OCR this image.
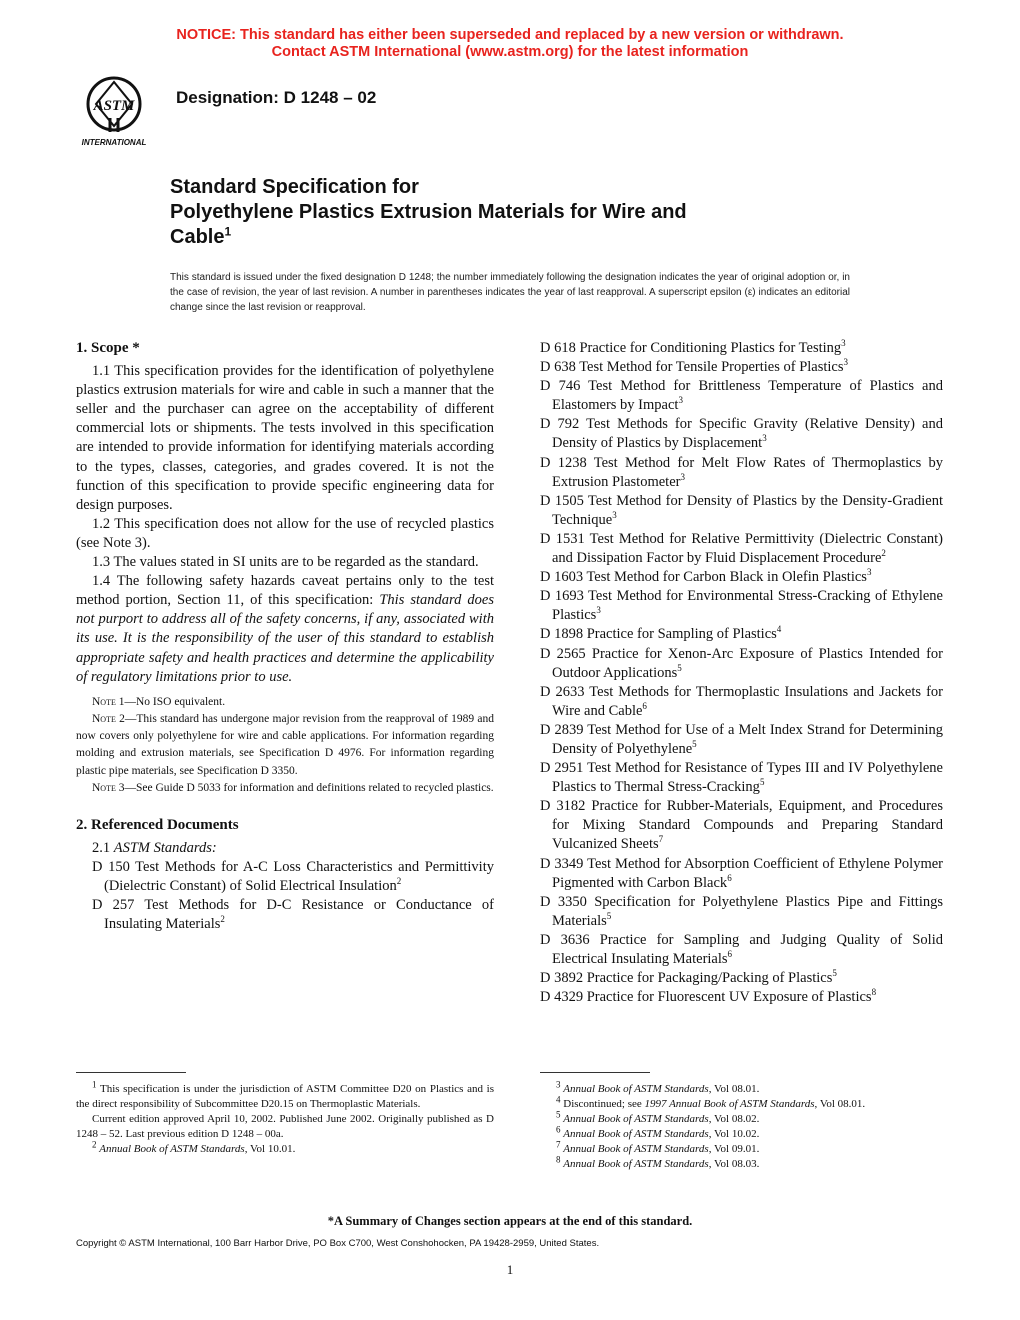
NOTICE: This standard has either been superseded and replaced by a new version or withdrawn.
Contact ASTM International (www.astm.org) for the latest information
ASTM
INTERNATIONAL
Designation: D 1248 – 02
Standard Specification for
Polyethylene Plastics Extrusion Materials for Wire and
Cable$^1$
This standard is issued under the fixed designation D 1248; the number immediately following the designation indicates the year of original adoption or, in the case of revision, the year of last revision. A number in parentheses indicates the year of last reapproval. A superscript epsilon (ε) indicates an editorial change since the last revision or reapproval.
1. Scope *

1.1 This specification provides for the identification of polyethylene plastics extrusion materials for wire and cable in such a manner that the seller and the purchaser can agree on the acceptability of different commercial lots or shipments. The tests involved in this specification are intended to provide information for identifying materials according to the types, classes, categories, and grades covered. It is not the function of this specification to provide specific engineering data for design purposes.

1.2 This specification does not allow for the use of recycled plastics (see Note 3).

1.3 The values stated in SI units are to be regarded as the standard.

1.4 The following safety hazards caveat pertains only to the test method portion, Section 11, of this specification: This standard does not purport to address all of the safety concerns, if any, associated with its use. It is the responsibility of the user of this standard to establish appropriate safety and health practices and determine the applicability of regulatory limitations prior to use.

Note 1—No ISO equivalent.

Note 2—This standard has undergone major revision from the reapproval of 1989 and now covers only polyethylene for wire and cable applications. For information regarding molding and extrusion materials, see Specification D 4976. For information regarding plastic pipe materials, see Specification D 3350.

Note 3—See Guide D 5033 for information and definitions related to recycled plastics.

2. Referenced Documents

2.1 ASTM Standards:

D 150 Test Methods for A-C Loss Characteristics and Permittivity (Dielectric Constant) of Solid Electrical Insulation$^2$

D 257 Test Methods for D-C Resistance or Conductance of Insulating Materials$^2$

D 618 Practice for Conditioning Plastics for Testing$^3$

D 638 Test Method for Tensile Properties of Plastics$^3$

D 746 Test Method for Brittleness Temperature of Plastics and Elastomers by Impact$^3$

D 792 Test Methods for Specific Gravity (Relative Density) and Density of Plastics by Displacement$^3$

D 1238 Test Method for Melt Flow Rates of Thermoplastics by Extrusion Plastometer$^3$

D 1505 Test Method for Density of Plastics by the Density-Gradient Technique$^3$

D 1531 Test Method for Relative Permittivity (Dielectric Constant) and Dissipation Factor by Fluid Displacement Procedure$^2$

D 1603 Test Method for Carbon Black in Olefin Plastics$^3$

D 1693 Test Method for Environmental Stress-Cracking of Ethylene Plastics$^3$

D 1898 Practice for Sampling of Plastics$^4$

D 2565 Practice for Xenon-Arc Exposure of Plastics Intended for Outdoor Applications$^5$

D 2633 Test Methods for Thermoplastic Insulations and Jackets for Wire and Cable$^6$

D 2839 Test Method for Use of a Melt Index Strand for Determining Density of Polyethylene$^5$

D 2951 Test Method for Resistance of Types III and IV Polyethylene Plastics to Thermal Stress-Cracking$^5$

D 3182 Practice for Rubber-Materials, Equipment, and Procedures for Mixing Standard Compounds and Preparing Standard Vulcanized Sheets$^7$

D 3349 Test Method for Absorption Coefficient of Ethylene Polymer Pigmented with Carbon Black$^6$

D 3350 Specification for Polyethylene Plastics Pipe and Fittings Materials$^5$

D 3636 Practice for Sampling and Judging Quality of Solid Electrical Insulating Materials$^6$

D 3892 Practice for Packaging/Packing of Plastics$^5$

D 4329 Practice for Fluorescent UV Exposure of Plastics$^8$

$^1$ This specification is under the jurisdiction of ASTM Committee D20 on Plastics and is the direct responsibility of Subcommittee D20.15 on Thermoplastic Materials.

Current edition approved April 10, 2002. Published June 2002. Originally published as D 1248 – 52. Last previous edition D 1248 – 00a.

$^2$ Annual Book of ASTM Standards, Vol 10.01.

$^3$ Annual Book of ASTM Standards, Vol 08.01.

$^4$ Discontinued; see 1997 Annual Book of ASTM Standards, Vol 08.01.

$^5$ Annual Book of ASTM Standards, Vol 08.02.

$^6$ Annual Book of ASTM Standards, Vol 10.02.

$^7$ Annual Book of ASTM Standards, Vol 09.01.

$^8$ Annual Book of ASTM Standards, Vol 08.03.

*A Summary of Changes section appears at the end of this standard.
Copyright © ASTM International, 100 Barr Harbor Drive, PO Box C700, West Conshohocken, PA 19428-2959, United States.
1
